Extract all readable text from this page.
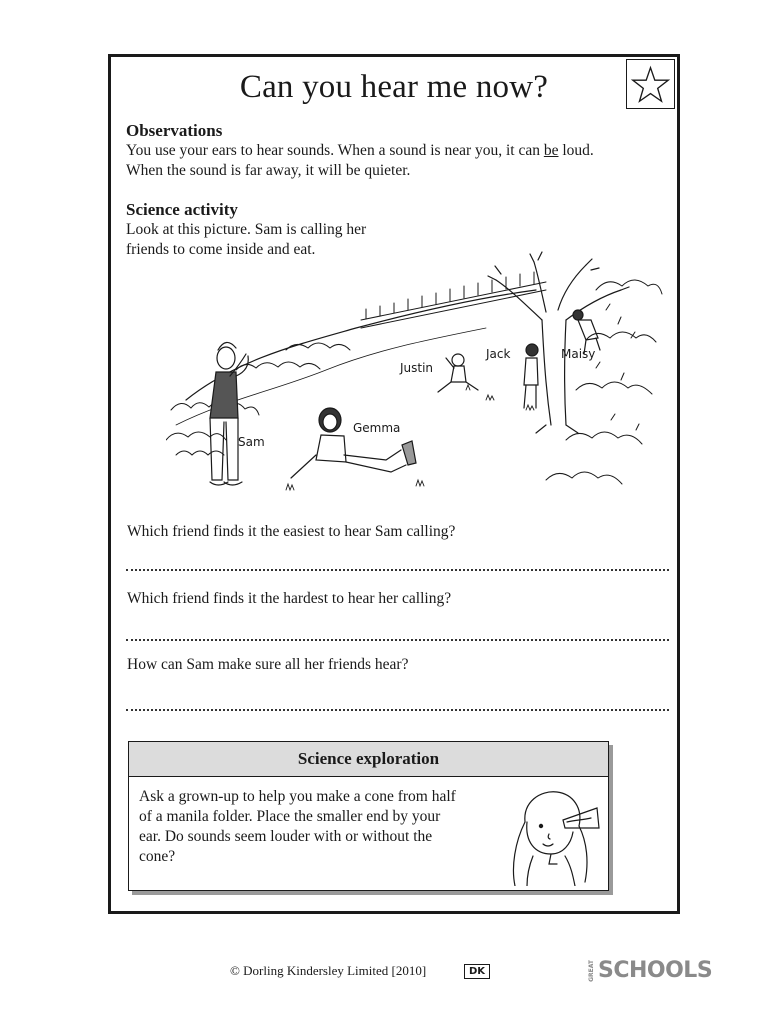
Can you hear me now?
Observations
You use your ears to hear sounds. When a sound is near you, it can be loud.
When the sound is far away, it will be quieter.
Science activity
Look at this picture. Sam is calling her
friends to come inside and eat.
Sam
Gemma
Justin
Jack	Maisy
Which friend finds it the easiest to hear Sam calling?
Which friend finds it the hardest to hear her calling?
How can Sam make sure all her friends hear?
Science exploration
Ask a grown-up to help you make a cone from half
of a manila folder. Place the smaller end by your
ear. Do sounds seem louder with or without the
cone?
© Dorling Kindersley Limited [2010]	DK	GREAT SCHOOLS
